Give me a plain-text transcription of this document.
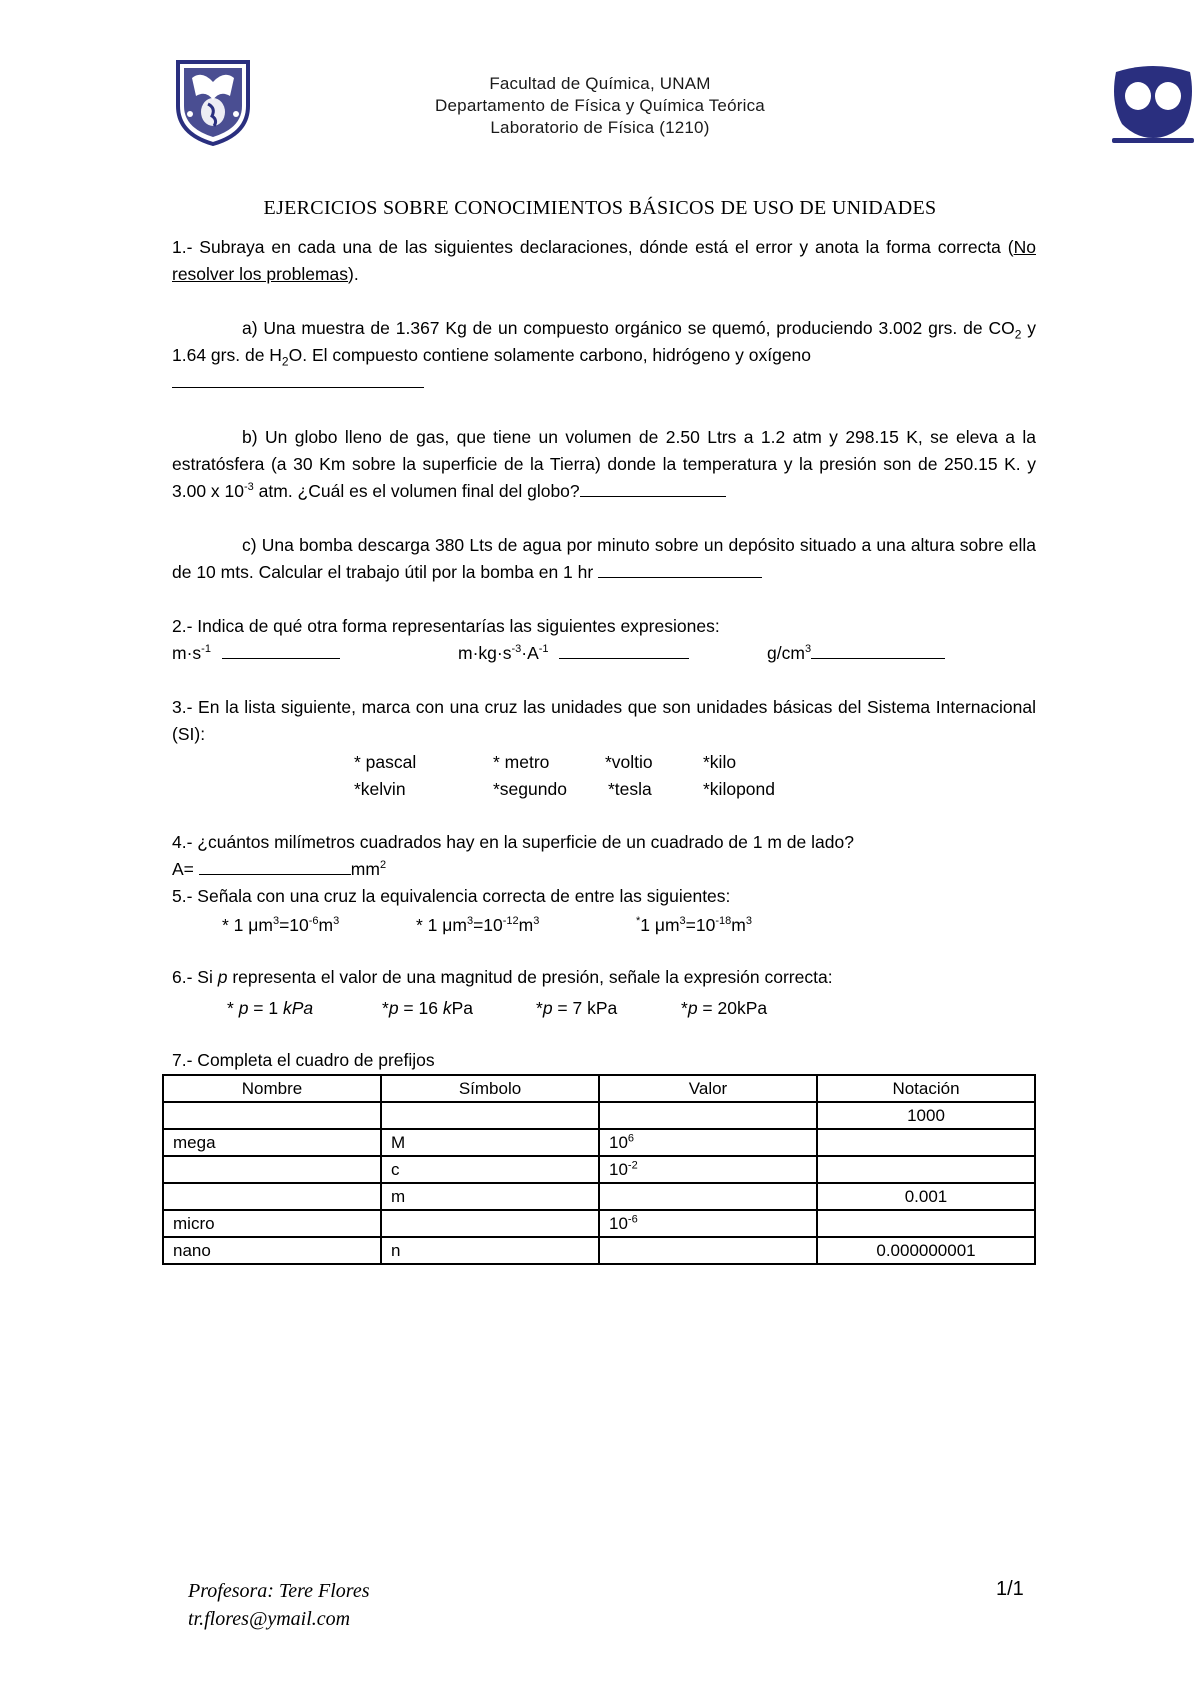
Facultad de Química, UNAM
Departamento de Física y Química Teórica
Laboratorio de Física (1210)
EJERCICIOS SOBRE CONOCIMIENTOS BÁSICOS DE USO DE UNIDADES
1.- Subraya en cada una de las siguientes declaraciones, dónde está el error y anota la forma correcta (No resolver los problemas).
a) Una muestra de 1.367 Kg de un compuesto orgánico se quemó, produciendo 3.002 grs. de $CO_2$ y 1.64 grs. de $H_2O$. El compuesto contiene solamente carbono, hidrógeno y oxígeno

b) Un globo lleno de gas, que tiene un volumen de 2.50 Ltrs a 1.2 atm y 298.15 K, se eleva a la estratósfera (a 30 Km sobre la superficie de la Tierra) donde la temperatura y la presión son de 250.15 K. y 3.00 x $10^{-3}$ atm. ¿Cuál es el volumen final del globo?
c) Una bomba descarga 380 Lts de agua por minuto sobre un depósito situado a una altura sobre ella de 10 mts. Calcular el trabajo útil por la bomba en 1 hr
2.- Indica de qué otra forma representarías las siguientes expresiones:
$m\cdot s^{-1}$	$m\cdot kg\cdot s^{-3}\cdot A^{-1}$	$g/cm^3$
3.- En la lista siguiente, marca con una cruz las unidades que son unidades básicas del Sistema Internacional (SI):
* pascal	* metro	*voltio	*kilo
*kelvin	*segundo *tesla	*kilopond
4.- ¿cuántos milímetros cuadrados hay en la superficie de un cuadrado de 1 m de lado?
A=	$mm^2$
5.- Señala con una cruz la equivalencia correcta de entre las siguientes:
* 1 $\mu m^3=10^{-6}m^3$	* 1 $\mu m^3=10^{-12}m^3$	*1 $\mu m^3=10^{-18}m^3$
6.- Si p representa el valor de una magnitud de presión, señale la expresión correcta:
* p = 1 kPa	*p = 16 kPa	*p = 7 kPa	*p = 20kPa
7.- Completa el cuadro de prefijos
Nombre	Símbolo	Valor	Notación
			1000
mega	M	$10^6$	
	c	$10^{-2}$	
	m		0.001
micro		$10^{-6}$	
nano	n		0.000000001
Profesora: Tere Flores
tr.flores@ymail.com
1/1
